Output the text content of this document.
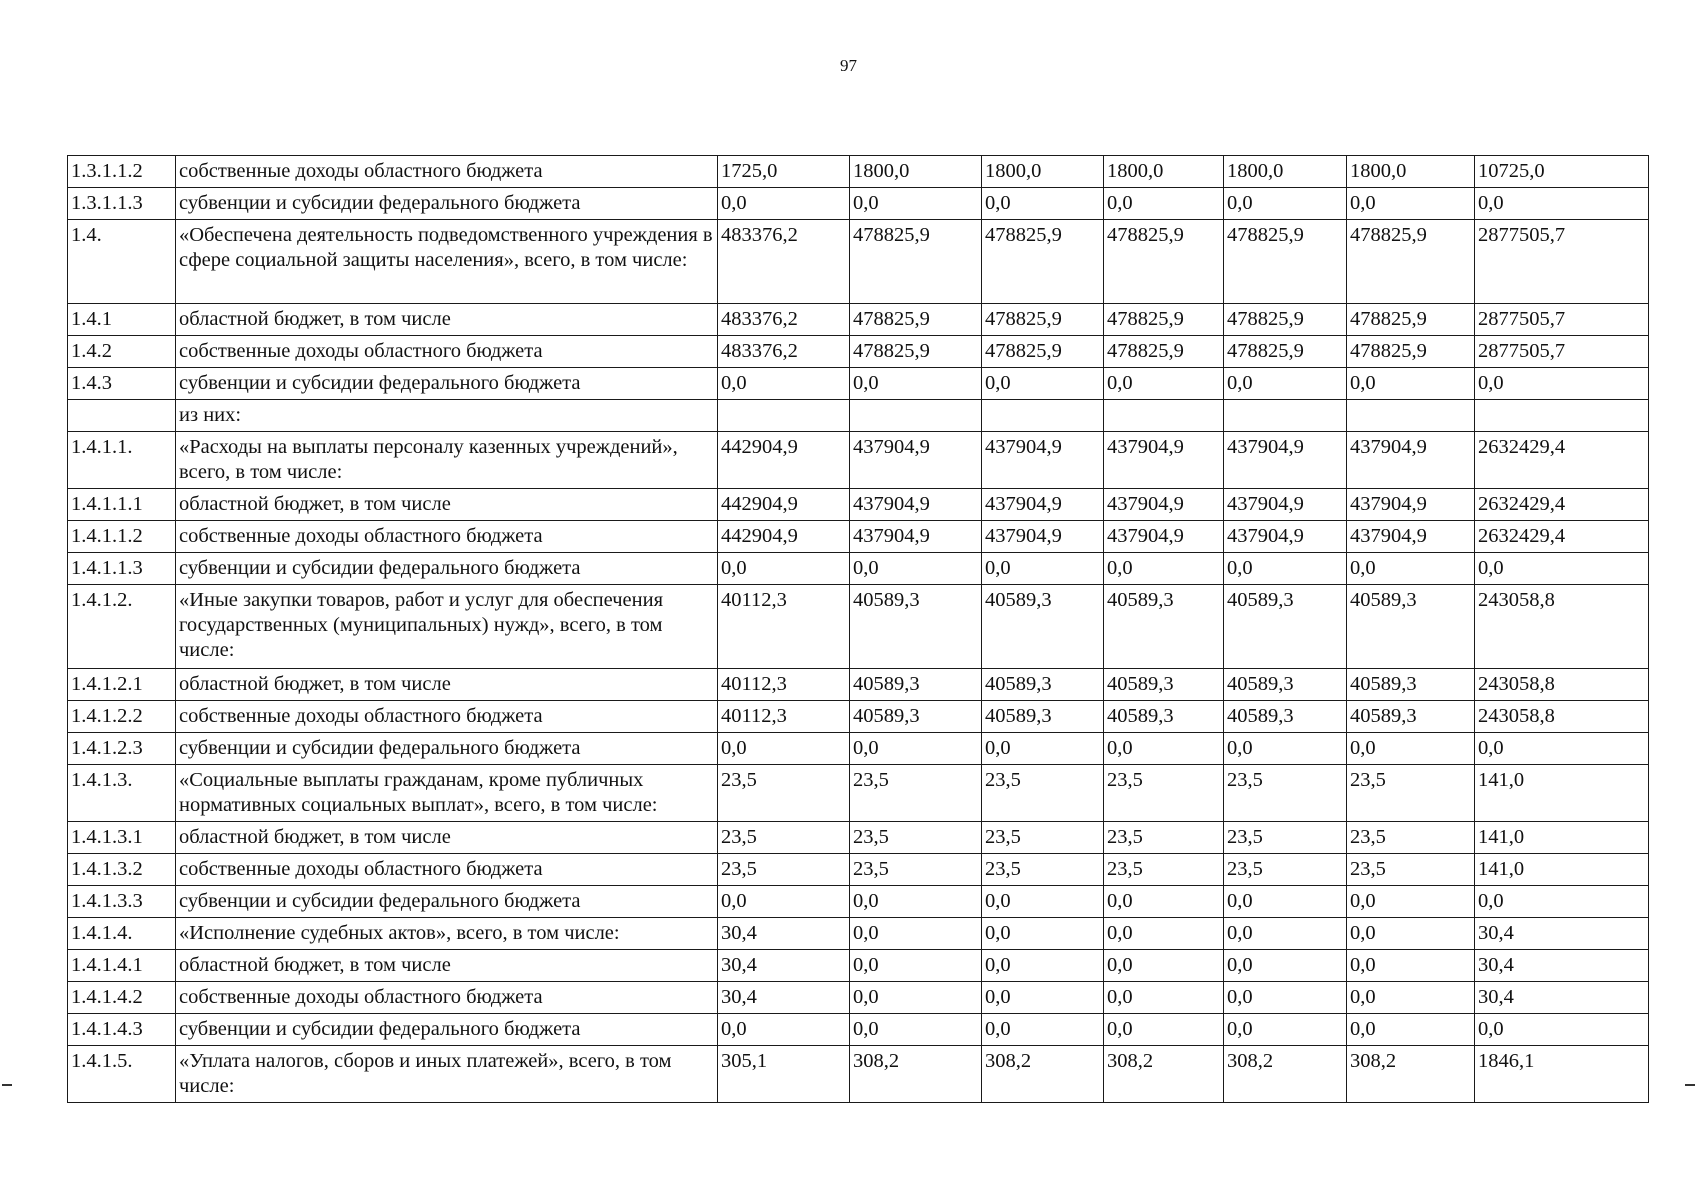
97
1.3.1.1.2	собственные доходы областного бюджета	1725,0	1800,0	1800,0	1800,0	1800,0	1800,0	10725,0
1.3.1.1.3	субвенции и субсидии федерального бюджета	0,0	0,0	0,0	0,0	0,0	0,0	0,0
1.4.	«Обеспечена деятельность подведомственного учреждения в сфере социальной защиты населения», всего, в том числе:	483376,2	478825,9	478825,9	478825,9	478825,9	478825,9	2877505,7
1.4.1	областной бюджет, в том числе	483376,2	478825,9	478825,9	478825,9	478825,9	478825,9	2877505,7
1.4.2	собственные доходы областного бюджета	483376,2	478825,9	478825,9	478825,9	478825,9	478825,9	2877505,7
1.4.3	субвенции и субсидии федерального бюджета	0,0	0,0	0,0	0,0	0,0	0,0	0,0
	из них:							
1.4.1.1.	«Расходы на выплаты персоналу казенных учреждений», всего, в том числе:	442904,9	437904,9	437904,9	437904,9	437904,9	437904,9	2632429,4
1.4.1.1.1	областной бюджет, в том числе	442904,9	437904,9	437904,9	437904,9	437904,9	437904,9	2632429,4
1.4.1.1.2	собственные доходы областного бюджета	442904,9	437904,9	437904,9	437904,9	437904,9	437904,9	2632429,4
1.4.1.1.3	субвенции и субсидии федерального бюджета	0,0	0,0	0,0	0,0	0,0	0,0	0,0
1.4.1.2.	«Иные закупки товаров, работ и услуг для обеспечения государственных (муниципальных) нужд», всего, в том числе:	40112,3	40589,3	40589,3	40589,3	40589,3	40589,3	243058,8
1.4.1.2.1	областной бюджет, в том числе	40112,3	40589,3	40589,3	40589,3	40589,3	40589,3	243058,8
1.4.1.2.2	собственные доходы областного бюджета	40112,3	40589,3	40589,3	40589,3	40589,3	40589,3	243058,8
1.4.1.2.3	субвенции и субсидии федерального бюджета	0,0	0,0	0,0	0,0	0,0	0,0	0,0
1.4.1.3.	«Социальные выплаты гражданам, кроме публичных нормативных социальных выплат», всего, в том числе:	23,5	23,5	23,5	23,5	23,5	23,5	141,0
1.4.1.3.1	областной бюджет, в том числе	23,5	23,5	23,5	23,5	23,5	23,5	141,0
1.4.1.3.2	собственные доходы областного бюджета	23,5	23,5	23,5	23,5	23,5	23,5	141,0
1.4.1.3.3	субвенции и субсидии федерального бюджета	0,0	0,0	0,0	0,0	0,0	0,0	0,0
1.4.1.4.	«Исполнение судебных актов», всего, в том числе:	30,4	0,0	0,0	0,0	0,0	0,0	30,4
1.4.1.4.1	областной бюджет, в том числе	30,4	0,0	0,0	0,0	0,0	0,0	30,4
1.4.1.4.2	собственные доходы областного бюджета	30,4	0,0	0,0	0,0	0,0	0,0	30,4
1.4.1.4.3	субвенции и субсидии федерального бюджета	0,0	0,0	0,0	0,0	0,0	0,0	0,0
1.4.1.5.	«Уплата налогов, сборов и иных платежей», всего, в том числе:	305,1	308,2	308,2	308,2	308,2	308,2	1846,1
